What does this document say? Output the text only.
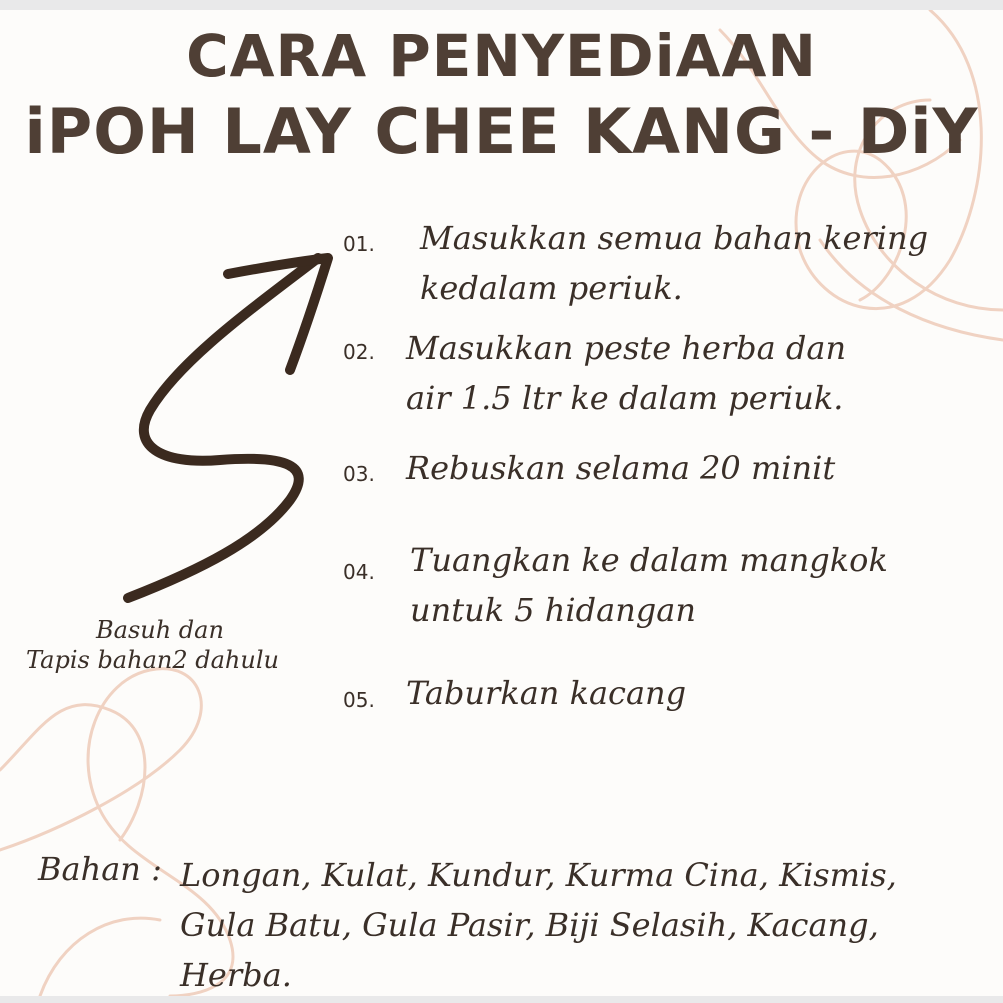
CARA PENYEDiAAN
iPOH LAY CHEE KANG - DiY
01. Masukkan semua bahan kering kedalam periuk.

02. Masukkan peste herba dan air 1.5 ltr ke dalam periuk.

03. Rebuskan selama 20 minit

04. Tuangkan ke dalam mangkok untuk 5 hidangan

05. Taburkan kacang

Basuh dan

Tapis bahan2 dahulu

Bahan : Longan, Kulat, Kundur, Kurma Cina, Kismis, Gula Batu, Gula Pasir, Biji Selasih, Kacang, Herba.
